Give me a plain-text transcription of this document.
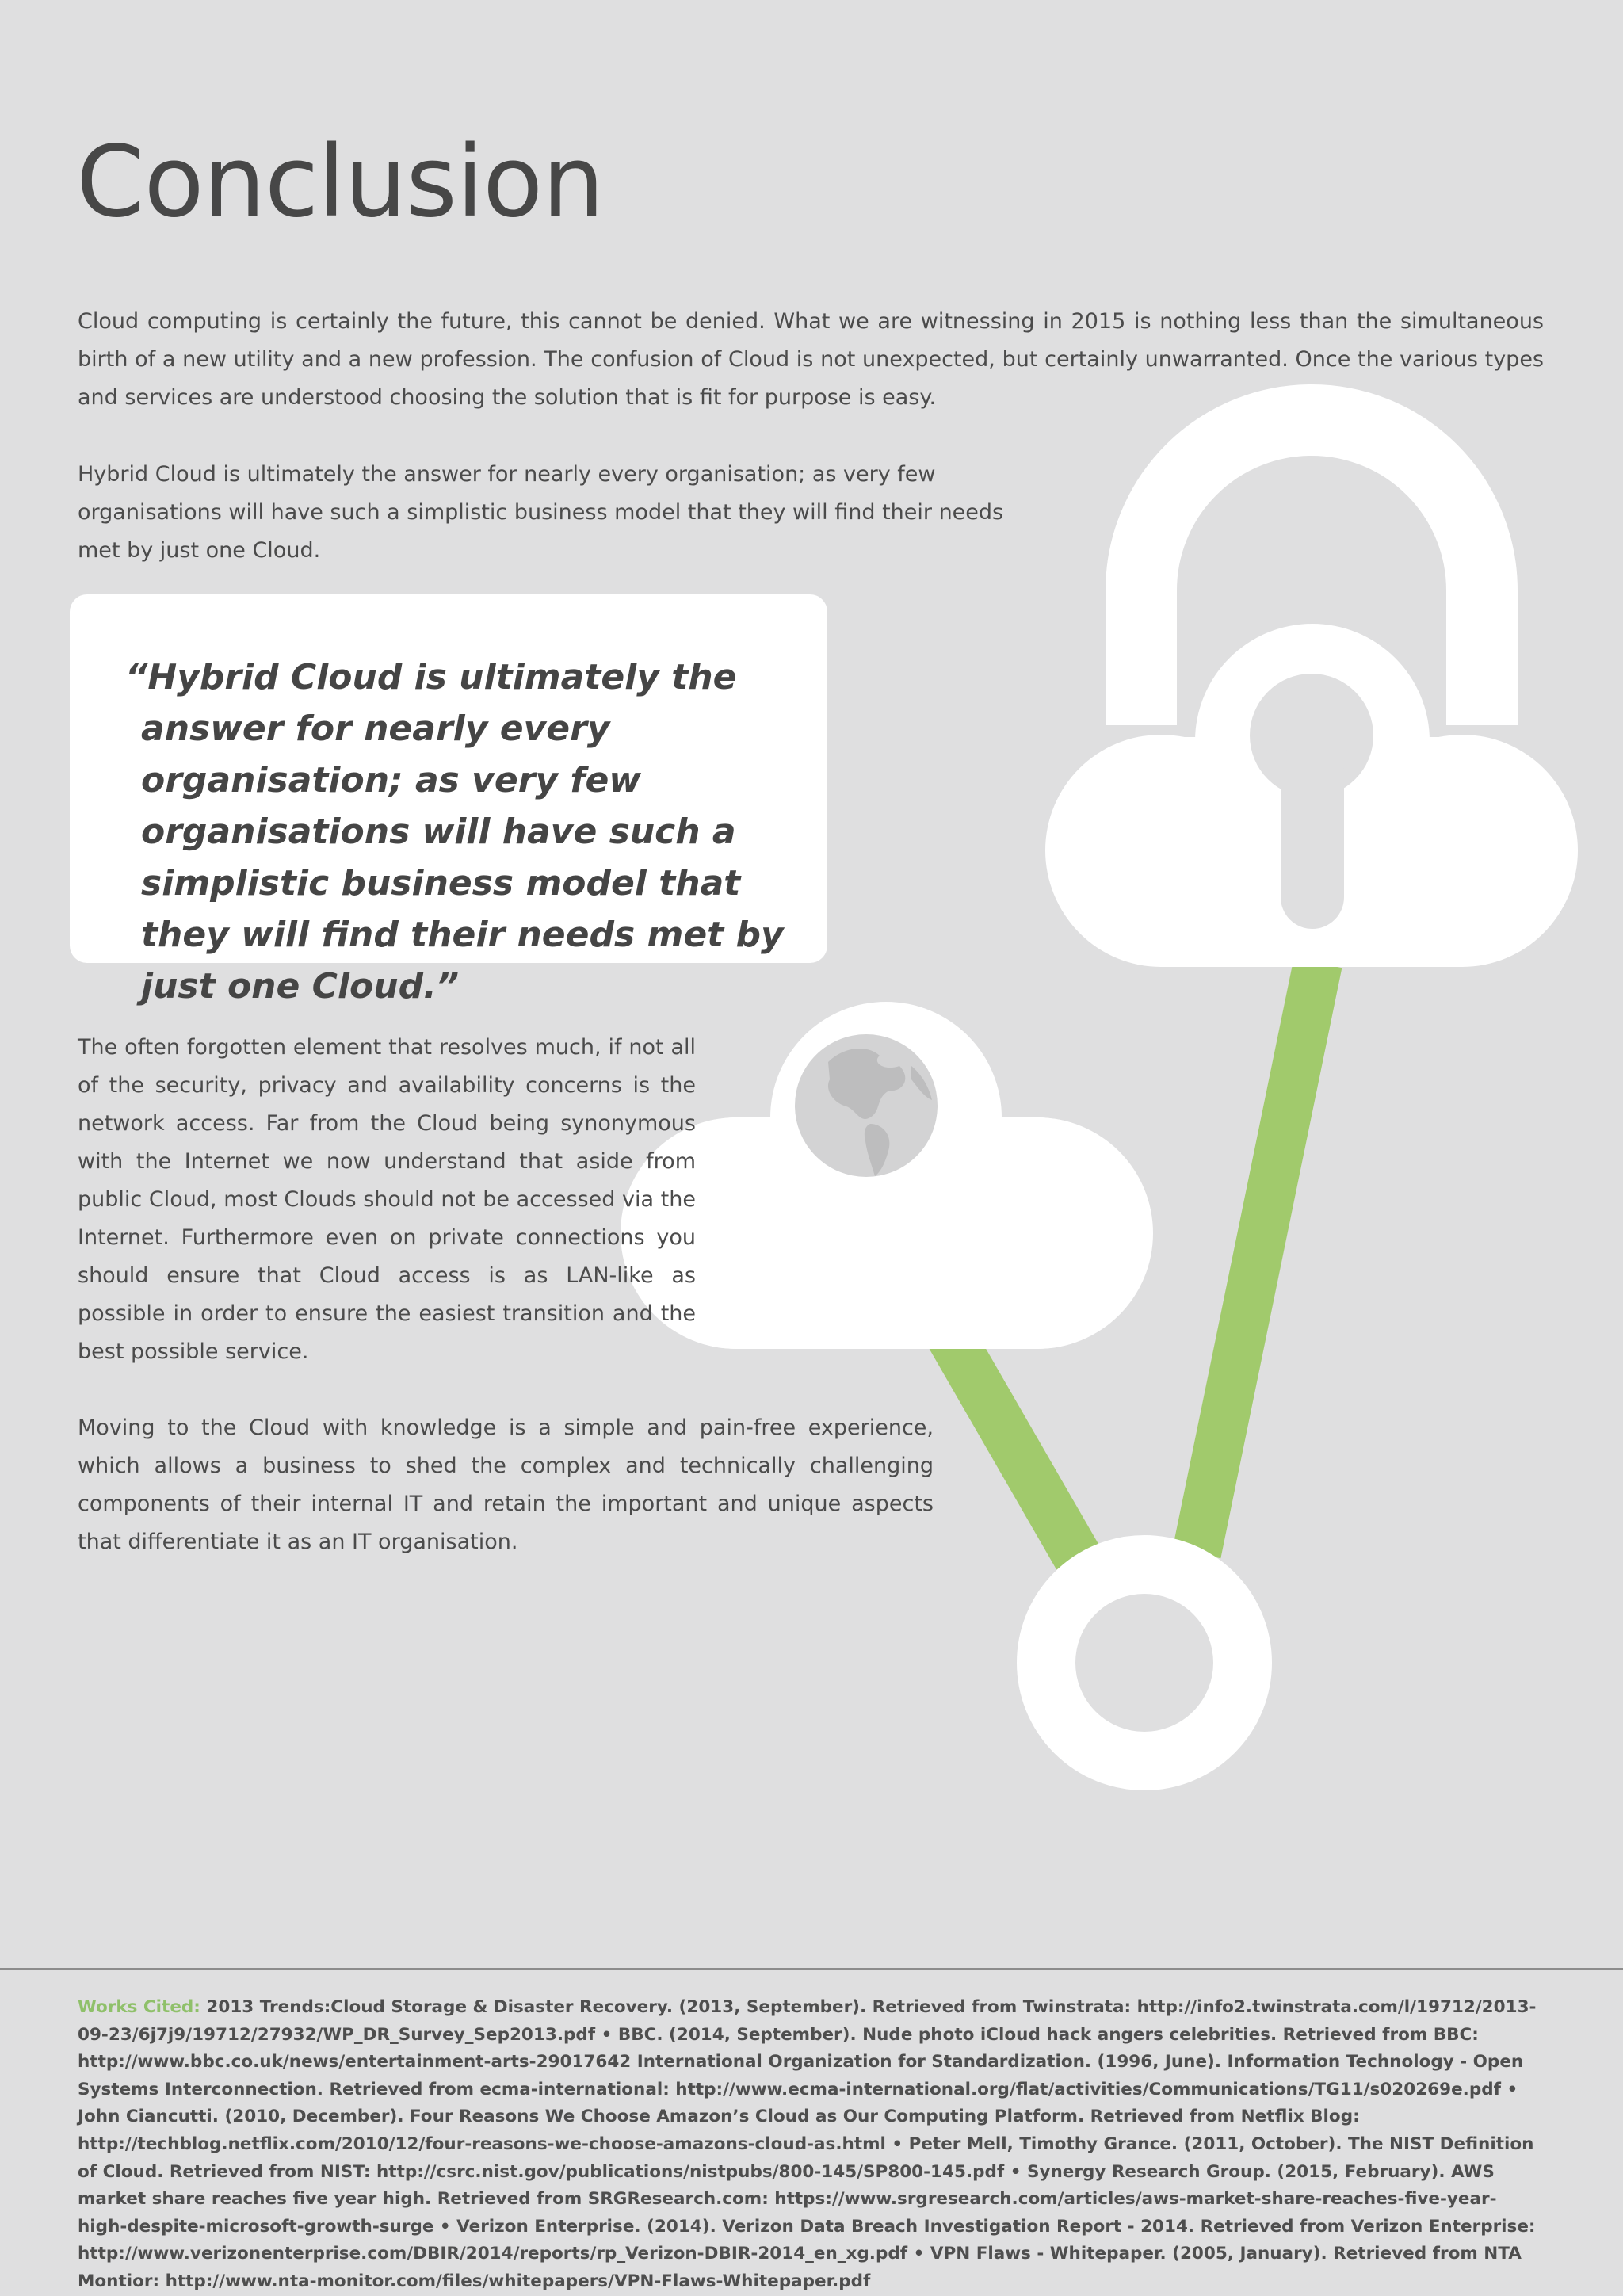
Conclusion

Cloud computing is certainly the future, this cannot be denied. What we are witnessing in 2015 is nothing less than the simultaneous birth of a new utility and a new profession. The confusion of Cloud is not unexpected, but certainly unwarranted. Once the various types and services are understood choosing the solution that is fit for purpose is easy.

Hybrid Cloud is ultimately the answer for nearly every organisation; as very few organisations will have such a simplistic business model that they will find their needs met by just one Cloud.

“Hybrid Cloud is ultimately the answer for nearly every organisation; as very few organisations will have such a simplistic business model that they will find their needs met by just one Cloud.”

The often forgotten element that resolves much, if not all of the security, privacy and availability concerns is the network access. Far from the Cloud being synonymous with the Internet we now understand that aside from public Cloud, most Clouds should not be accessed via the Internet. Furthermore even on private connections you should ensure that Cloud access is as LAN-like as possible in order to ensure the easiest transition and the best possible service.

Moving to the Cloud with knowledge is a simple and pain-free experience, which allows a business to shed the complex and technically challenging components of their internal IT and retain the important and unique aspects that differentiate it as an IT organisation.

Works Cited: 2013 Trends:Cloud Storage & Disaster Recovery. (2013, September). Retrieved from Twinstrata: http://info2.twinstrata.com/l/19712/2013-09-23/6j7j9/19712/27932/WP_DR_Survey_Sep2013.pdf • BBC. (2014, September). Nude photo iCloud hack angers celebrities. Retrieved from BBC: http://www.bbc.co.uk/news/entertainment-arts-29017642 International Organization for Standardization. (1996, June). Information Technology - Open Systems Interconnection. Retrieved from ecma-international: http://www.ecma-international.org/flat/activities/Communications/TG11/s020269e.pdf • John Ciancutti. (2010, December). Four Reasons We Choose Amazon’s Cloud as Our Computing Platform. Retrieved from Netflix Blog: http://techblog.netflix.com/2010/12/four-reasons-we-choose-amazons-cloud-as.html • Peter Mell, Timothy Grance. (2011, October). The NIST Definition of Cloud. Retrieved from NIST: http://csrc.nist.gov/publications/nistpubs/800-145/SP800-145.pdf • Synergy Research Group. (2015, February). AWS market share reaches five year high. Retrieved from SRGResearch.com: https://www.srgresearch.com/articles/aws-market-share-reaches-five-year-high-despite-microsoft-growth-surge • Verizon Enterprise. (2014). Verizon Data Breach Investigation Report - 2014. Retrieved from Verizon Enterprise: http://www.verizonenterprise.com/DBIR/2014/reports/rp_Verizon-DBIR-2014_en_xg.pdf • VPN Flaws - Whitepaper. (2005, January). Retrieved from NTA Montior: http://www.nta-monitor.com/files/whitepapers/VPN-Flaws-Whitepaper.pdf
